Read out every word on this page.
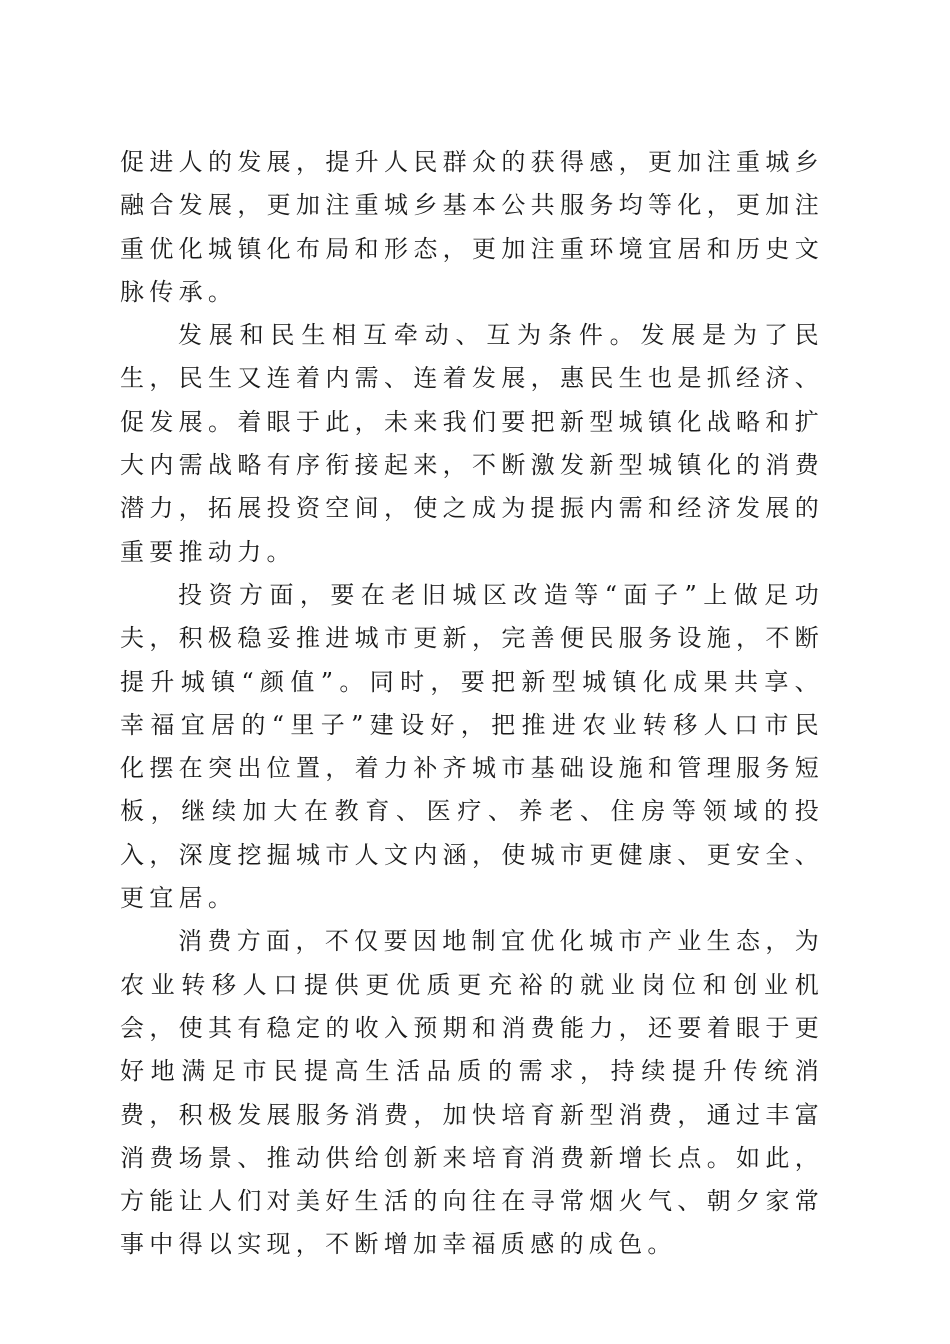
促进人的发展，提升人民群众的获得感，更加注重城乡融合发展，更加注重城乡基本公共服务均等化，更加注重优化城镇化布局和形态，更加注重环境宜居和历史文脉传承。

发展和民生相互牵动、互为条件。发展是为了民生，民生又连着内需、连着发展，惠民生也是抓经济、促发展。着眼于此，未来我们要把新型城镇化战略和扩大内需战略有序衔接起来，不断激发新型城镇化的消费潜力，拓展投资空间，使之成为提振内需和经济发展的重要推动力。

投资方面，要在老旧城区改造等“面子”上做足功夫，积极稳妥推进城市更新，完善便民服务设施，不断提升城镇“颜值”。同时，要把新型城镇化成果共享、幸福宜居的“里子”建设好，把推进农业转移人口市民化摆在突出位置，着力补齐城市基础设施和管理服务短板，继续加大在教育、医疗、养老、住房等领域的投入，深度挖掘城市人文内涵，使城市更健康、更安全、更宜居。

消费方面，不仅要因地制宜优化城市产业生态，为农业转移人口提供更优质更充裕的就业岗位和创业机会，使其有稳定的收入预期和消费能力，还要着眼于更好地满足市民提高生活品质的需求，持续提升传统消费，积极发展服务消费，加快培育新型消费，通过丰富消费场景、推动供给创新来培育消费新增长点。如此，方能让人们对美好生活的向往在寻常烟火气、朝夕家常事中得以实现，不断增加幸福质感的成色。
